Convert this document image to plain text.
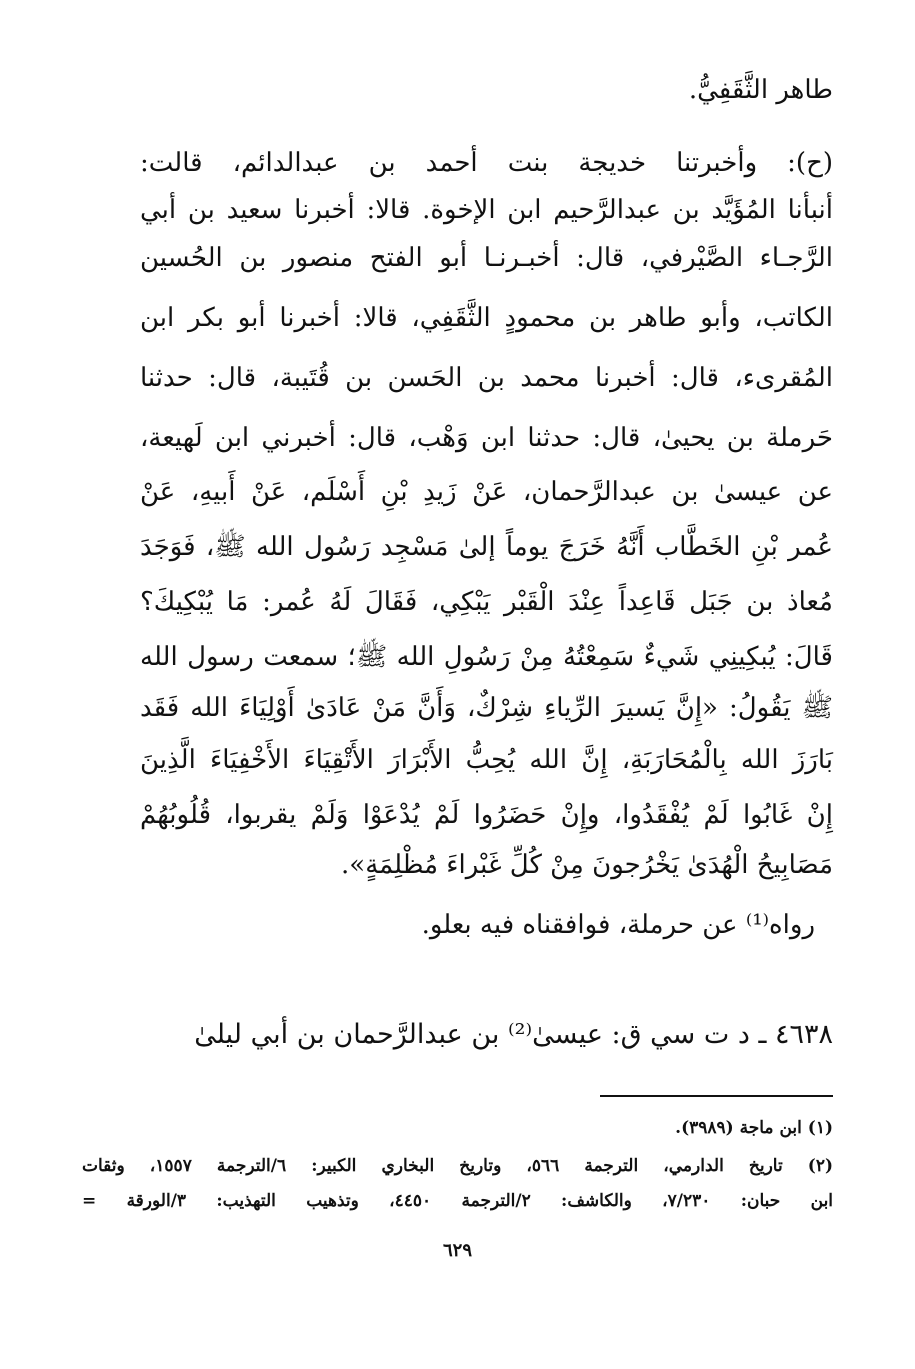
طاهر الثَّقَفِيُّ.
(ح): وأخبرتنا خديجة بنت أحمد بن عبدالدائم، قالت:
أنبأنا المُؤَيَّد بن عبدالرَّحيم ابن الإخوة. قالا: أخبرنا سعيد بن أبي
الرَّجـاء الصَّيْرفي، قال: أخبـرنـا أبو الفتح منصور بن الحُسين
الكاتب، وأبو طاهر بن محمودٍ الثَّقَفِي، قالا: أخبرنا أبو بكر ابن
المُقرىء، قال: أخبرنا محمد بن الحَسن بن قُتَيبة، قال: حدثنا
حَرملة بن يحيىٰ، قال: حدثنا ابن وَهْب، قال: أخبرني ابن لَهيعة،
عن عيسىٰ بن عبدالرَّحمان، عَنْ زَيدِ بْنِ أَسْلَم، عَنْ أَبيهِ، عَنْ
عُمر بْنِ الخَطَّاب أَنَّهُ خَرَجَ يوماً إلىٰ مَسْجِد رَسُول الله ﷺ، فَوَجَدَ
مُعاذ بن جَبَل قَاعِداً عِنْدَ الْقَبْر يَبْكِي، فَقَالَ لَهُ عُمر: مَا يُبْكِيكَ؟
قَالَ: يُبكِينِي شَيءٌ سَمِعْتُهُ مِنْ رَسُولِ الله ﷺ؛ سمعت رسول الله
ﷺ يَقُولُ: «إِنَّ يَسيرَ الرِّياءِ شِرْكٌ، وَأَنَّ مَنْ عَادَىٰ أَوْلِيَاءَ الله فَقَد
بَارَزَ الله بِالْمُحَارَبَةِ، إِنَّ الله يُحِبُّ الأَبْرَارَ الأَتْقِيَاءَ الأَخْفِيَاءَ الَّذِينَ
إِنْ غَابُوا لَمْ يُفْقَدُوا، وإِنْ حَضَرُوا لَمْ يُدْعَوْا وَلَمْ يقربوا، قُلُوبُهُمْ
مَصَابِيحُ الْهُدَىٰ يَخْرُجونَ مِنْ كُلِّ غَبْراءَ مُظْلِمَةٍ».
رواه⁽¹⁾ عن حرملة، فوافقناه فيه بعلو.
٤٦٣٨ ـ د ت سي ق: عيسىٰ⁽²⁾ بن عبدالرَّحمان بن أبي ليلىٰ
(١) ابن ماجة (٣٩٨٩).
(٢) تاريخ الدارمي، الترجمة ٥٦٦، وتاريخ البخاري الكبير: ٦/الترجمة ١٥٥٧، وثقات
ابن حبان: ٧/٢٣٠، والكاشف: ٢/الترجمة ٤٤٥٠، وتذهيب التهذيب: ٣/الورقة =
٦٢٩
